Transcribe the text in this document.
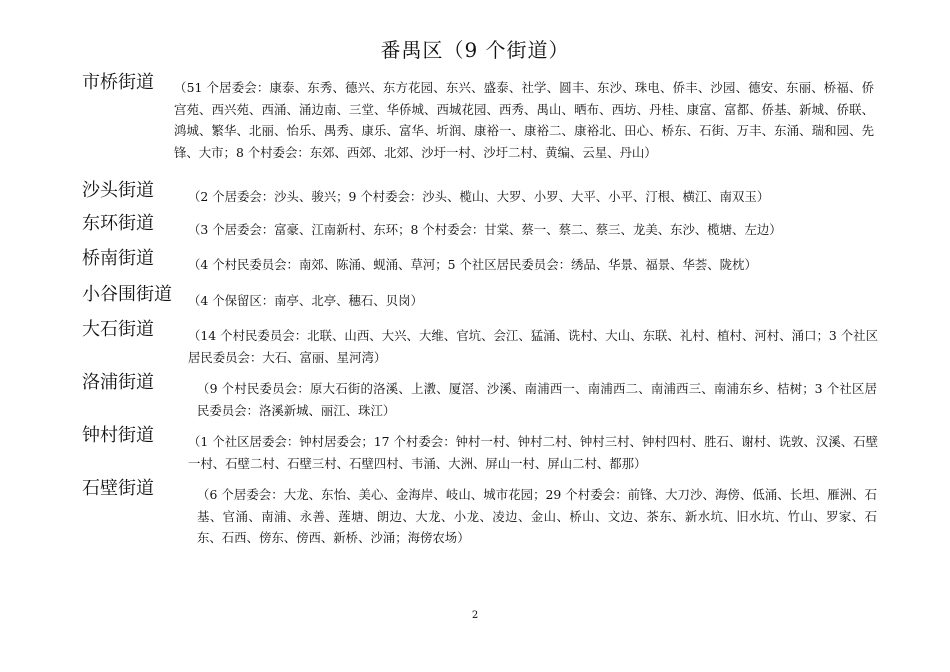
番禺区（9 个街道）
市桥街道 （51 个居委会：康泰、东秀、德兴、东方花园、东兴、盛泰、社学、圆丰、东沙、珠电、侨丰、沙园、德安、东丽、桥福、侨宫苑、西兴苑、西涌、涌边南、三堂、华侨城、西城花园、西秀、禺山、晒布、西坊、丹桂、康富、富都、侨基、新城、侨联、鸿城、繁华、北丽、怡乐、禺秀、康乐、富华、圻润、康裕一、康裕二、康裕北、田心、桥东、石街、万丰、东涌、瑞和园、先锋、大市；8 个村委会：东郊、西郊、北郊、沙圩一村、沙圩二村、黄编、云星、丹山）
沙头街道	（2 个居委会：沙头、骏兴；9 个村委会：沙头、榄山、大罗、小罗、大平、小平、汀根、横江、南双玉）
东环街道	（3 个居委会：富豪、江南新村、东环；8 个村委会：甘棠、蔡一、蔡二、蔡三、龙美、东沙、榄塘、左边）
桥南街道	（4 个村民委员会：南郊、陈涌、蚬涌、草河；5 个社区居民委员会：绣品、华景、福景、华荟、陇枕）
小谷围街道 （4 个保留区：南亭、北亭、穗石、贝岗）
大石街道	（14 个村民委员会：北联、山西、大兴、大维、官坑、会江、猛涌、诜村、大山、东联、礼村、植村、河村、涌口；3 个社区居民委员会：大石、富丽、星河湾）
洛浦街道	（9 个村民委员会：原大石街的洛溪、上漖、厦滘、沙溪、南浦西一、南浦西二、南浦西三、南浦东乡、桔树；3 个社区居民委员会：洛溪新城、丽江、珠江）
钟村街道	（1 个社区居委会：钟村居委会；17 个村委会：钟村一村、钟村二村、钟村三村、钟村四村、胜石、谢村、诜敦、汉溪、石壁一村、石壁二村、石壁三村、石壁四村、韦涌、大洲、屏山一村、屏山二村、都那）
石壁街道	（6 个居委会：大龙、东怡、美心、金海岸、岐山、城市花园；29 个村委会：前锋、大刀沙、海傍、低涌、长坦、雁洲、石基、官涌、南浦、永善、莲塘、朗边、大龙、小龙、凌边、金山、桥山、文边、茶东、新水坑、旧水坑、竹山、罗家、石东、石西、傍东、傍西、新桥、沙涌；海傍农场）
2
